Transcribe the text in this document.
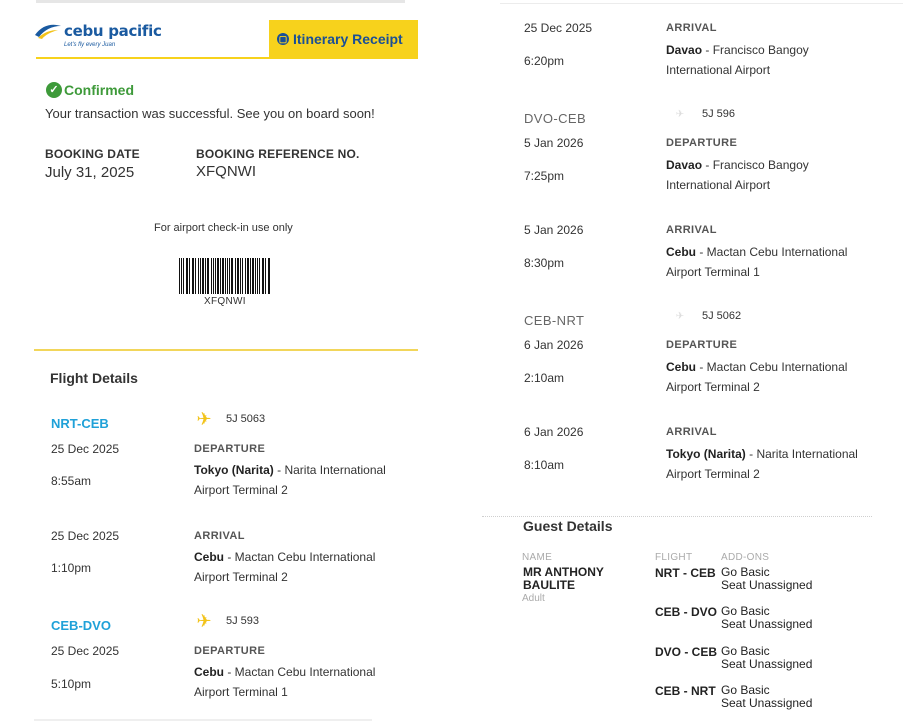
cebu pacific
Let's fly every Juan
▢ Itinerary Receipt
✓ Confirmed
Your transaction was successful. See you on board soon!
BOOKING DATE
July 31, 2025
BOOKING REFERENCE NO.
XFQNWI
For airport check-in use only
XFQNWI
Flight Details
NRT-CEB	✈ 5J 5063
25 Dec 2025	DEPARTURE
8:55am
Tokyo (Narita) - Narita International Airport Terminal 2
25 Dec 2025	ARRIVAL
1:10pm
Cebu - Mactan Cebu International Airport Terminal 2
CEB-DVO	✈ 5J 593
25 Dec 2025	DEPARTURE
5:10pm
Cebu - Mactan Cebu International Airport Terminal 1
25 Dec 2025	ARRIVAL
6:20pm
Davao - Francisco Bangoy International Airport
DVO-CEB	✈	5J 596
5 Jan 2026	DEPARTURE
7:25pm
Davao - Francisco Bangoy International Airport
5 Jan 2026	ARRIVAL
8:30pm
Cebu - Mactan Cebu International Airport Terminal 1
CEB-NRT	✈	5J 5062
6 Jan 2026	DEPARTURE
2:10am
Cebu - Mactan Cebu International Airport Terminal 2
6 Jan 2026	ARRIVAL
8:10am
Tokyo (Narita) - Narita International Airport Terminal 2
Guest Details
NAME	FLIGHT	ADD-ONS
MR ANTHONY
BAULITE
Adult
NRT - CEB Go Basic
Seat Unassigned
CEB - DVO Go Basic
Seat Unassigned
DVO - CEB Go Basic
Seat Unassigned
CEB - NRT Go Basic
Seat Unassigned
